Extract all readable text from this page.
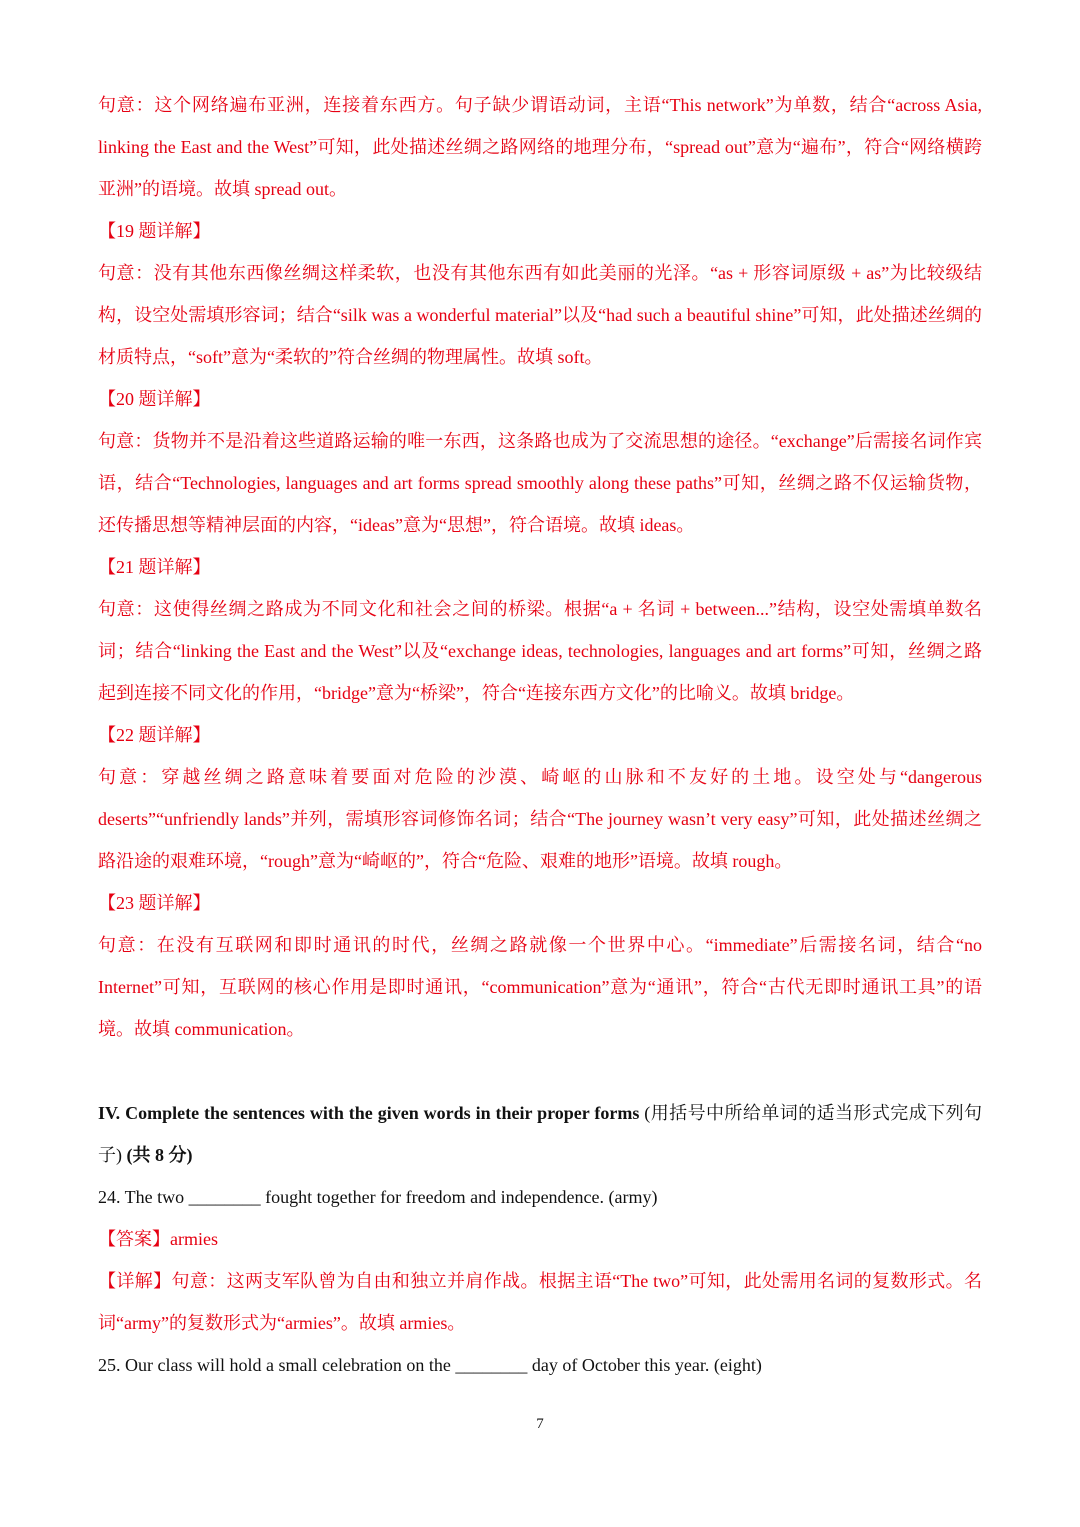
句意：这个网络遍布亚洲，连接着东西方。句子缺少谓语动词，主语“This network”为单数，结合“across Asia, linking the East and the West”可知，此处描述丝绸之路网络的地理分布，“spread out”意为“遍布”，符合“网络横跨亚洲”的语境。故填 spread out。

【19 题详解】

句意：没有其他东西像丝绸这样柔软，也没有其他东西有如此美丽的光泽。“as + 形容词原级 + as”为比较级结构，设空处需填形容词；结合“silk was a wonderful material”以及“had such a beautiful shine”可知，此处描述丝绸的材质特点，“soft”意为“柔软的”符合丝绸的物理属性。故填 soft。

【20 题详解】

句意：货物并不是沿着这些道路运输的唯一东西，这条路也成为了交流思想的途径。“exchange”后需接名词作宾语，结合“Technologies, languages and art forms spread smoothly along these paths”可知，丝绸之路不仅运输货物，还传播思想等精神层面的内容，“ideas”意为“思想”，符合语境。故填 ideas。

【21 题详解】

句意：这使得丝绸之路成为不同文化和社会之间的桥梁。根据“a + 名词 + between...”结构，设空处需填单数名词；结合“linking the East and the West”以及“exchange ideas, technologies, languages and art forms”可知，丝绸之路起到连接不同文化的作用，“bridge”意为“桥梁”，符合“连接东西方文化”的比喻义。故填 bridge。

【22 题详解】

句意：穿越丝绸之路意味着要面对危险的沙漠、崎岖的山脉和不友好的土地。设空处与“dangerous deserts”“unfriendly lands”并列，需填形容词修饰名词；结合“The journey wasn’t very easy”可知，此处描述丝绸之路沿途的艰难环境，“rough”意为“崎岖的”，符合“危险、艰难的地形”语境。故填 rough。

【23 题详解】

句意：在没有互联网和即时通讯的时代，丝绸之路就像一个世界中心。“immediate”后需接名词，结合“no Internet”可知，互联网的核心作用是即时通讯，“communication”意为“通讯”，符合“古代无即时通讯工具”的语境。故填 communication。

IV. Complete the sentences with the given words in their proper forms (用括号中所给单词的适当形式完成下列句子) (共 8 分)

24. The two ________ fought together for freedom and independence. (army)

【答案】armies

【详解】句意：这两支军队曾为自由和独立并肩作战。根据主语“The two”可知，此处需用名词的复数形式。名词“army”的复数形式为“armies”。故填 armies。

25. Our class will hold a small celebration on the ________ day of October this year. (eight)

7
